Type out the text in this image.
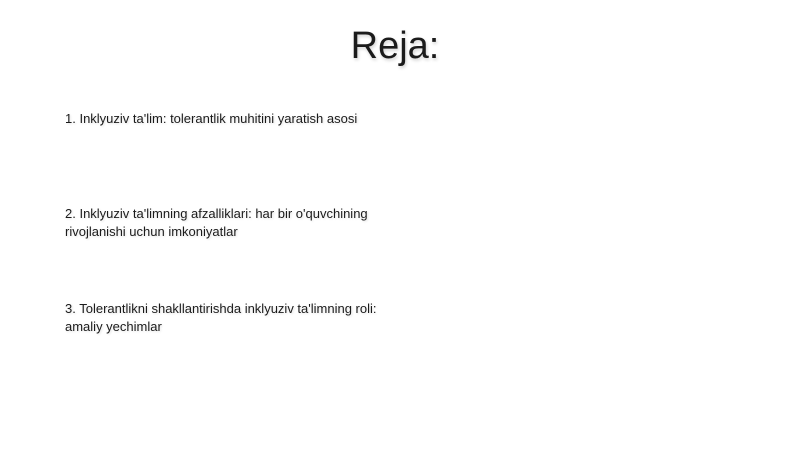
Reja:
1. Inklyuziv ta'lim: tolerantlik muhitini yaratish asosi
2. Inklyuziv ta'limning afzalliklari: har bir o'quvchining rivojlanishi uchun imkoniyatlar
3. Tolerantlikni shakllantirishda inklyuziv ta'limning roli: amaliy yechimlar
